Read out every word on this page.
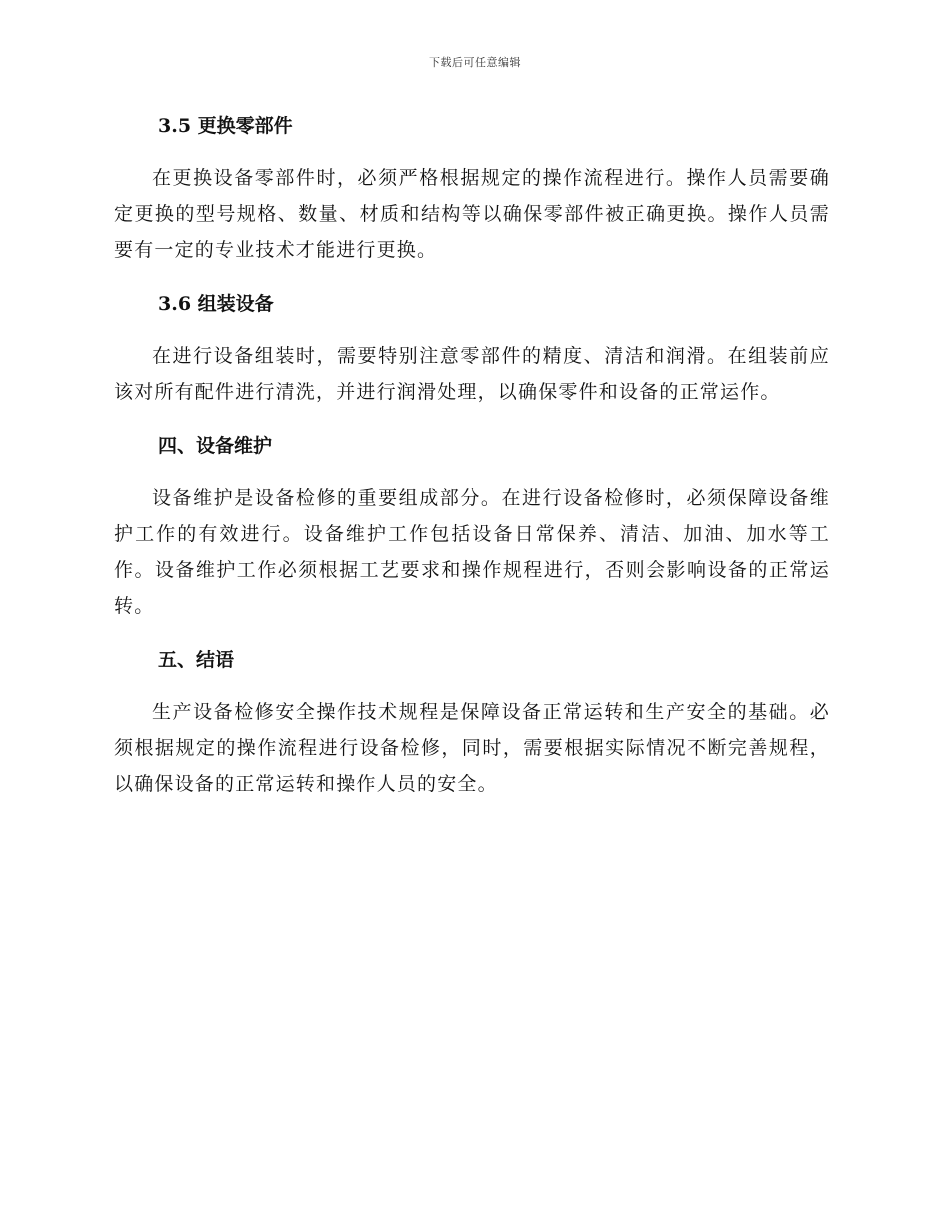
下载后可任意编辑
3.5 更换零部件

在更换设备零部件时，必须严格根据规定的操作流程进行。操作人员需要确定更换的型号规格、数量、材质和结构等以确保零部件被正确更换。操作人员需要有一定的专业技术才能进行更换。

3.6 组装设备

在进行设备组装时，需要特别注意零部件的精度、清洁和润滑。在组装前应该对所有配件进行清洗，并进行润滑处理，以确保零件和设备的正常运作。

四、设备维护

设备维护是设备检修的重要组成部分。在进行设备检修时，必须保障设备维护工作的有效进行。设备维护工作包括设备日常保养、清洁、加油、加水等工作。设备维护工作必须根据工艺要求和操作规程进行，否则会影响设备的正常运转。

五、结语

生产设备检修安全操作技术规程是保障设备正常运转和生产安全的基础。必须根据规定的操作流程进行设备检修，同时，需要根据实际情况不断完善规程，以确保设备的正常运转和操作人员的安全。
